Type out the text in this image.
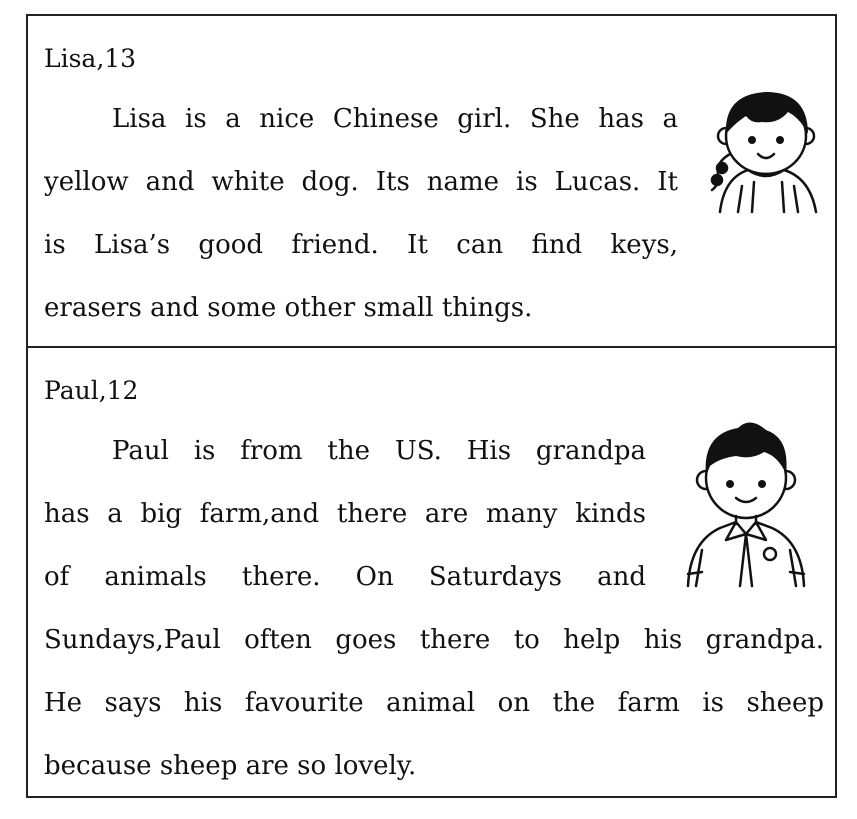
Lisa,13
Lisa is a nice Chinese girl. She has a
yellow and white dog. Its name is Lucas. It
is Lisa’s good friend. It can find keys,
erasers and some other small things.
Paul,12
Paul is from the US. His grandpa
has a big farm,and there are many kinds
of animals there. On Saturdays and
Sundays,Paul often goes there to help his grandpa.
He says his favourite animal on the farm is sheep
because sheep are so lovely.
